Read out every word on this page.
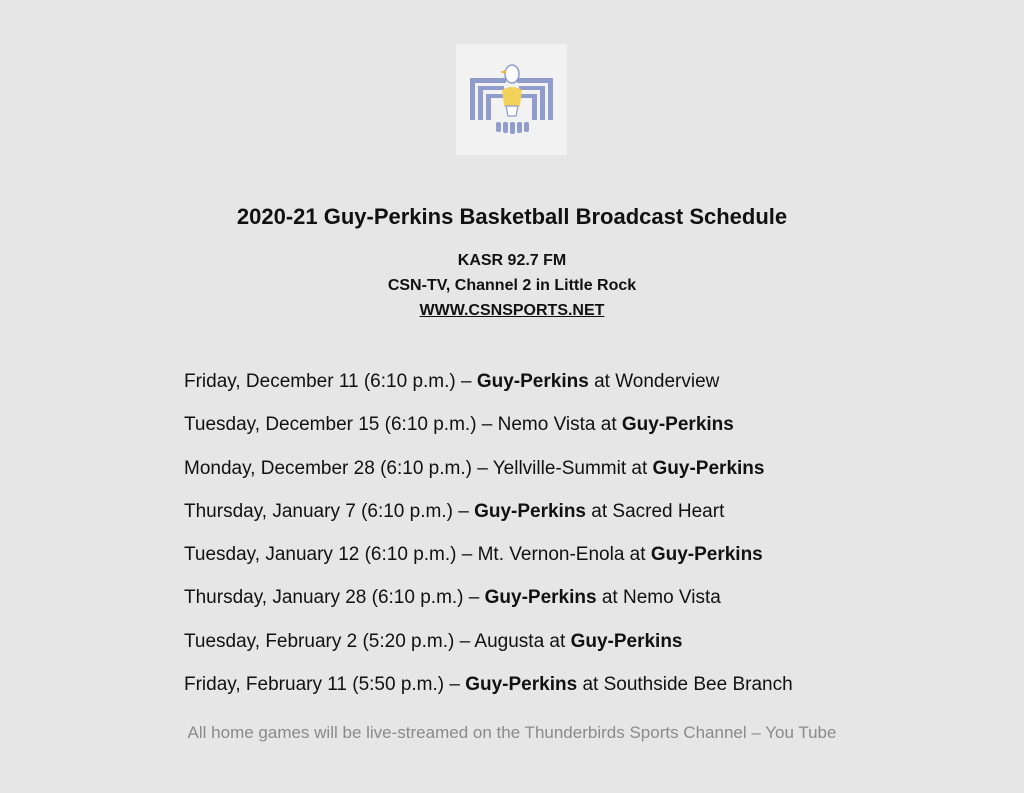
2020-21 Guy-Perkins Basketball Broadcast Schedule
KASR 92.7 FM
CSN-TV, Channel 2 in Little Rock
WWW.CSNSPORTS.NET
Friday, December 11 (6:10 p.m.) – Guy-Perkins at Wonderview
Tuesday, December 15 (6:10 p.m.) – Nemo Vista at Guy-Perkins
Monday, December 28 (6:10 p.m.) – Yellville-Summit at Guy-Perkins
Thursday, January 7 (6:10 p.m.) – Guy-Perkins at Sacred Heart
Tuesday, January 12 (6:10 p.m.) – Mt. Vernon-Enola at Guy-Perkins
Thursday, January 28 (6:10 p.m.) – Guy-Perkins at Nemo Vista
Tuesday, February 2 (5:20 p.m.) – Augusta at Guy-Perkins
Friday, February 11 (5:50 p.m.) – Guy-Perkins at Southside Bee Branch
All home games will be live-streamed on the Thunderbirds Sports Channel – You Tube
